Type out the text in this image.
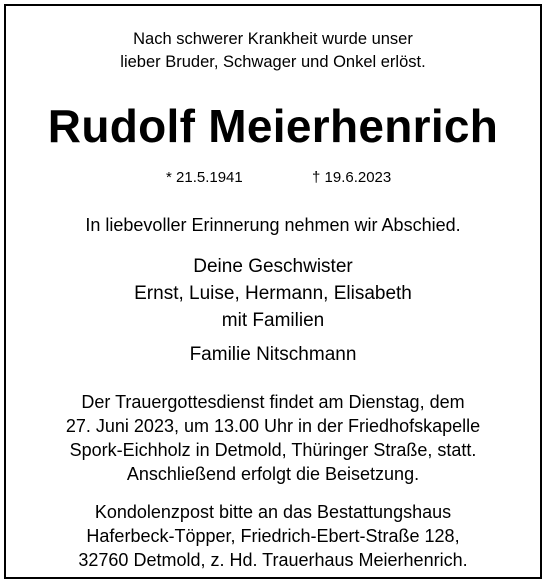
Nach schwerer Krankheit wurde unser
lieber Bruder, Schwager und Onkel erlöst.
Rudolf Meierhenrich
* 21.5.1941	† 19.6.2023
In liebevoller Erinnerung nehmen wir Abschied.
Deine Geschwister
Ernst, Luise, Hermann, Elisabeth
mit Familien
Familie Nitschmann
Der Trauergottesdienst findet am Dienstag, dem
27. Juni 2023, um 13.00 Uhr in der Friedhofskapelle
Spork-Eichholz in Detmold, Thüringer Straße, statt.
Anschließend erfolgt die Beisetzung.
Kondolenzpost bitte an das Bestattungshaus
Haferbeck-Töpper, Friedrich-Ebert-Straße 128,
32760 Detmold, z. Hd. Trauerhaus Meierhenrich.
